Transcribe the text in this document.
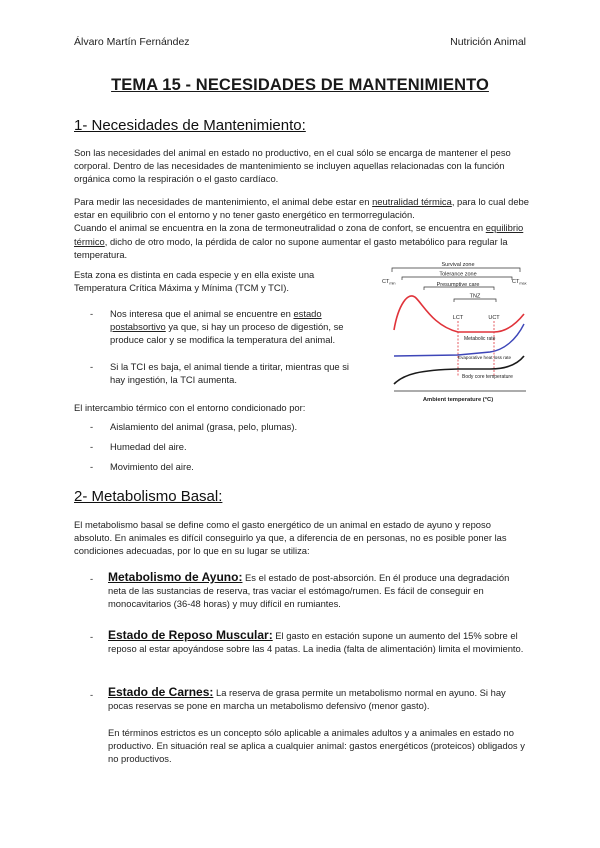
Álvaro Martín Fernández	Nutrición Animal
TEMA 15 - NECESIDADES DE MANTENIMIENTO
1- Necesidades de Mantenimiento:
Son las necesidades del animal en estado no productivo, en el cual sólo se encarga de mantener el peso corporal. Dentro de las necesidades de mantenimiento se incluyen aquellas relacionadas con la función orgánica como la respiración o el gasto cardíaco.
Para medir las necesidades de mantenimiento, el animal debe estar en neutralidad térmica, para lo cual debe estar en equilibrio con el entorno y no tener gasto energético en termorregulación.
Cuando el animal se encuentra en la zona de termoneutralidad o zona de confort, se encuentra en equilibrio térmico, dicho de otro modo, la pérdida de calor no supone aumentar el gasto metabólico para regular la temperatura.
Esta zona es distinta en cada especie y en ella existe una Temperatura Crítica Máxima y Mínima (TCM y TCI).
- Nos interesa que el animal se encuentre en estado postabsortivo ya que, si hay un proceso de digestión, se produce calor y se modifica la temperatura del animal.
- Si la TCI es baja, el animal tiende a tiritar, mientras que si hay ingestión, la TCI aumenta.
Survival zone
Tolerance zone
Presumptive care
TNZ
$CT_{min}$	$CT_{max}$
LCT	UCT
Metabolic rate
Evaporative heat loss rate
Body core temperature
Ambient temperature (°C)
El intercambio térmico con el entorno condicionado por:
- Aislamiento del animal (grasa, pelo, plumas).
- Humedad del aire.
- Movimiento del aire.
2- Metabolismo Basal:
El metabolismo basal se define como el gasto energético de un animal en estado de ayuno y reposo absoluto. En animales es difícil conseguirlo ya que, a diferencia de en personas, no es posible poner las condiciones adecuadas, por lo que en su lugar se utiliza:
- Metabolismo de Ayuno: Es el estado de post-absorción. En él produce una degradación neta de las sustancias de reserva, tras vaciar el estómago/rumen. Es fácil de conseguir en monocavitarios (36-48 horas) y muy difícil en rumiantes.
- Estado de Reposo Muscular: El gasto en estación supone un aumento del 15% sobre el reposo al estar apoyándose sobre las 4 patas. La inedia (falta de alimentación) limita el movimiento.
- Estado de Carnes: La reserva de grasa permite un metabolismo normal en ayuno. Si hay pocas reservas se pone en marcha un metabolismo defensivo (menor gasto).
En términos estrictos es un concepto sólo aplicable a animales adultos y a animales en estado no productivo. En situación real se aplica a cualquier animal: gastos energéticos (proteicos) obligados y no productivos.
